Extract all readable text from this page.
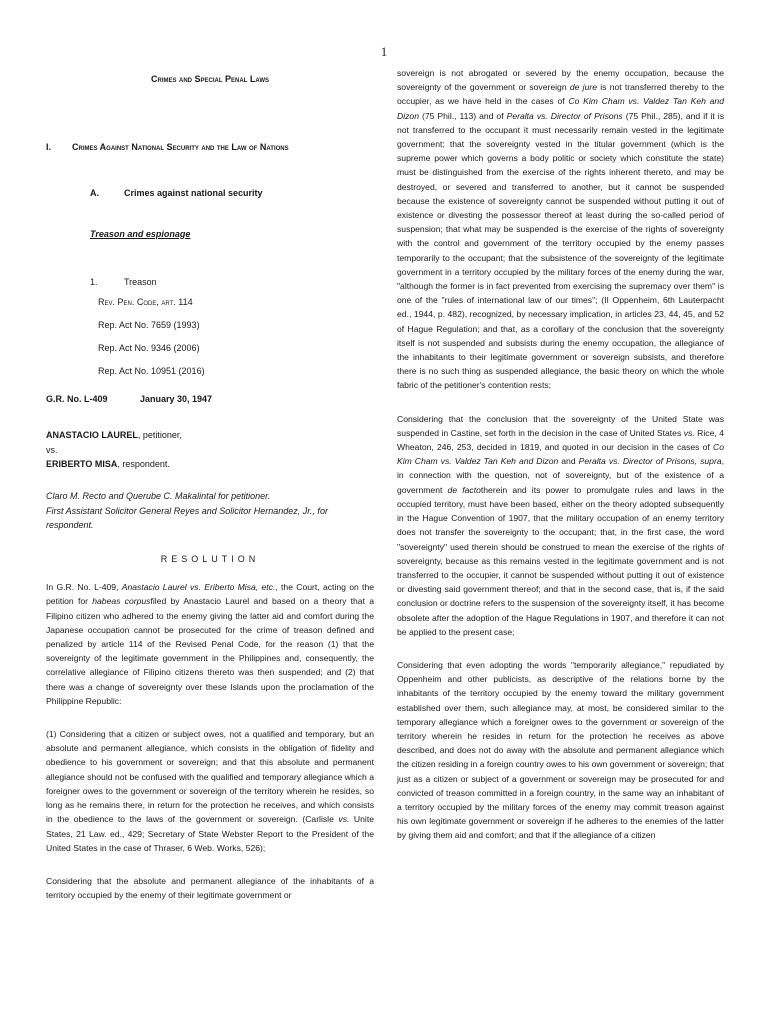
1
Crimes and Special Penal Laws
I.	Crimes Against National Security and the Law of Nations
A.	Crimes against national security
Treason and espionage
1.	Treason
Rev. Pen. Code, art. 114
Rep. Act No. 7659 (1993)
Rep. Act No. 9346 (2006)
Rep. Act No. 10951 (2016)
G.R. No. L-409	January 30, 1947
ANASTACIO LAUREL, petitioner,
vs.
ERIBERTO MISA, respondent.
Claro M. Recto and Querube C. Makalintal for petitioner.
First Assistant Solicitor General Reyes and Solicitor Hernandez, Jr., for respondent.
RESOLUTION

In G.R. No. L-409, Anastacio Laurel vs. Eriberto Misa, etc., the Court, acting on the petition for habeas corpusfiled by Anastacio Laurel and based on a theory that a Filipino citizen who adhered to the enemy giving the latter aid and comfort during the Japanese occupation cannot be prosecuted for the crime of treason defined and penalized by article 114 of the Revised Penal Code, for the reason (1) that the sovereignty of the legitimate government in the Philippines and, consequently, the correlative allegiance of Filipino citizens thereto was then suspended; and (2) that there was a change of sovereignty over these Islands upon the proclamation of the Philippine Republic:

(1) Considering that a citizen or subject owes, not a qualified and temporary, but an absolute and permanent allegiance, which consists in the obligation of fidelity and obedience to his government or sovereign; and that this absolute and permanent allegiance should not be confused with the qualified and temporary allegiance which a foreigner owes to the government or sovereign of the territory wherein he resides, so long as he remains there, in return for the protection he receives, and which consists in the obedience to the laws of the government or sovereign. (Carlisle vs. Unite States, 21 Law. ed., 429; Secretary of State Webster Report to the President of the United States in the case of Thraser, 6 Web. Works, 526);

Considering that the absolute and permanent allegiance of the inhabitants of a territory occupied by the enemy of their legitimate government or

sovereign is not abrogated or severed by the enemy occupation, because the sovereignty of the government or sovereign de jure is not transferred thereby to the occupier, as we have held in the cases of Co Kim Cham vs. Valdez Tan Keh and Dizon (75 Phil., 113) and of Peralta vs. Director of Prisons (75 Phil., 285), and if it is not transferred to the occupant it must necessarily remain vested in the legitimate government; that the sovereignty vested in the titular government (which is the supreme power which governs a body politic or society which constitute the state) must be distinguished from the exercise of the rights inherent thereto, and may be destroyed, or severed and transferred to another, but it cannot be suspended because the existence of sovereignty cannot be suspended without putting it out of existence or divesting the possessor thereof at least during the so-called period of suspension; that what may be suspended is the exercise of the rights of sovereignty with the control and government of the territory occupied by the enemy passes temporarily to the occupant; that the subsistence of the sovereignty of the legitimate government in a territory occupied by the military forces of the enemy during the war, "although the former is in fact prevented from exercising the supremacy over them" is one of the "rules of international law of our times"; (II Oppenheim, 6th Lauterpacht ed., 1944, p. 482), recognized, by necessary implication, in articles 23, 44, 45, and 52 of Hague Regulation; and that, as a corollary of the conclusion that the sovereignty itself is not suspended and subsists during the enemy occupation, the allegiance of the inhabitants to their legitimate government or sovereign subsists, and therefore there is no such thing as suspended allegiance, the basic theory on which the whole fabric of the petitioner's contention rests;

Considering that the conclusion that the sovereignty of the United State was suspended in Castine, set forth in the decision in the case of United States vs. Rice, 4 Wheaton, 246, 253, decided in 1819, and quoted in our decision in the cases of Co Kim Cham vs. Valdez Tan Keh and Dizon and Peralta vs. Director of Prisons, supra, in connection with the question, not of sovereignty, but of the existence of a government de factotherein and its power to promulgate rules and laws in the occupied territory, must have been based, either on the theory adopted subsequently in the Hague Convention of 1907, that the military occupation of an enemy territory does not transfer the sovereignty to the occupant; that, in the first case, the word "sovereignty" used therein should be construed to mean the exercise of the rights of sovereignty, because as this remains vested in the legitimate government and is not transferred to the occupier, it cannot be suspended without putting it out of existence or divesting said government thereof; and that in the second case, that is, if the said conclusion or doctrine refers to the suspension of the sovereignty itself, it has become obsolete after the adoption of the Hague Regulations in 1907, and therefore it can not be applied to the present case;

Considering that even adopting the words "temporarily allegiance," repudiated by Oppenheim and other publicists, as descriptive of the relations borne by the inhabitants of the territory occupied by the enemy toward the military government established over them, such allegiance may, at most, be considered similar to the temporary allegiance which a foreigner owes to the government or sovereign of the territory wherein he resides in return for the protection he receives as above described, and does not do away with the absolute and permanent allegiance which the citizen residing in a foreign country owes to his own government or sovereign; that just as a citizen or subject of a government or sovereign may be prosecuted for and convicted of treason committed in a foreign country, in the same way an inhabitant of a territory occupied by the military forces of the enemy may commit treason against his own legitimate government or sovereign if he adheres to the enemies of the latter by giving them aid and comfort; and that if the allegiance of a citizen
